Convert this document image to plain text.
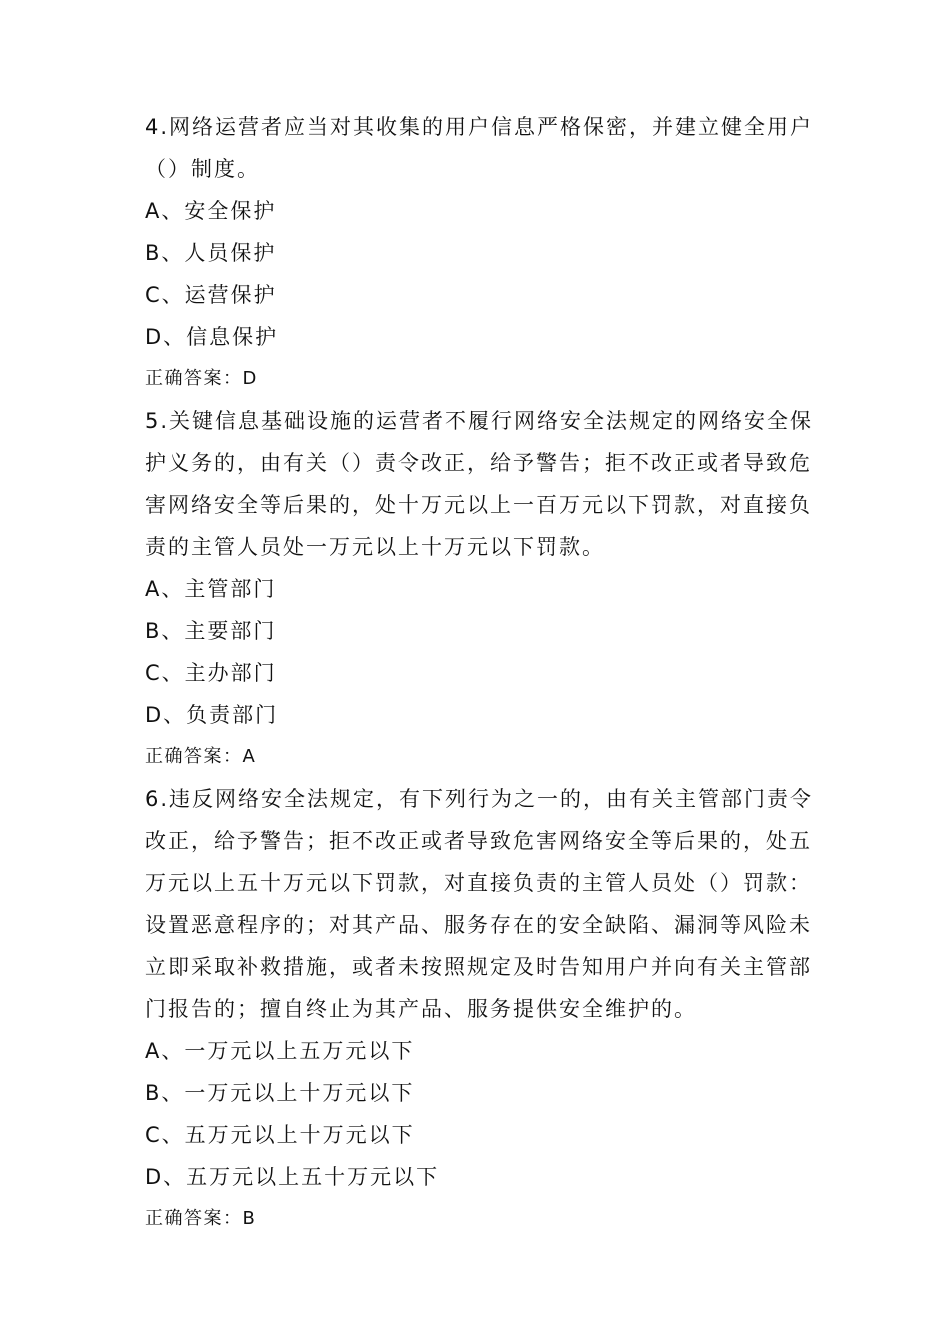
4.网络运营者应当对其收集的用户信息严格保密，并建立健全用户
（）制度。
A、安全保护
B、人员保护
C、运营保护
D、信息保护
正确答案：D
5.关键信息基础设施的运营者不履行网络安全法规定的网络安全保
护义务的，由有关（）责令改正，给予警告；拒不改正或者导致危
害网络安全等后果的，处十万元以上一百万元以下罚款，对直接负
责的主管人员处一万元以上十万元以下罚款。
A、主管部门
B、主要部门
C、主办部门
D、负责部门
正确答案：A
6.违反网络安全法规定，有下列行为之一的，由有关主管部门责令
改正，给予警告；拒不改正或者导致危害网络安全等后果的，处五
万元以上五十万元以下罚款，对直接负责的主管人员处（）罚款：
设置恶意程序的；对其产品、服务存在的安全缺陷、漏洞等风险未
立即采取补救措施，或者未按照规定及时告知用户并向有关主管部
门报告的；擅自终止为其产品、服务提供安全维护的。
A、一万元以上五万元以下
B、一万元以上十万元以下
C、五万元以上十万元以下
D、五万元以上五十万元以下
正确答案：B
